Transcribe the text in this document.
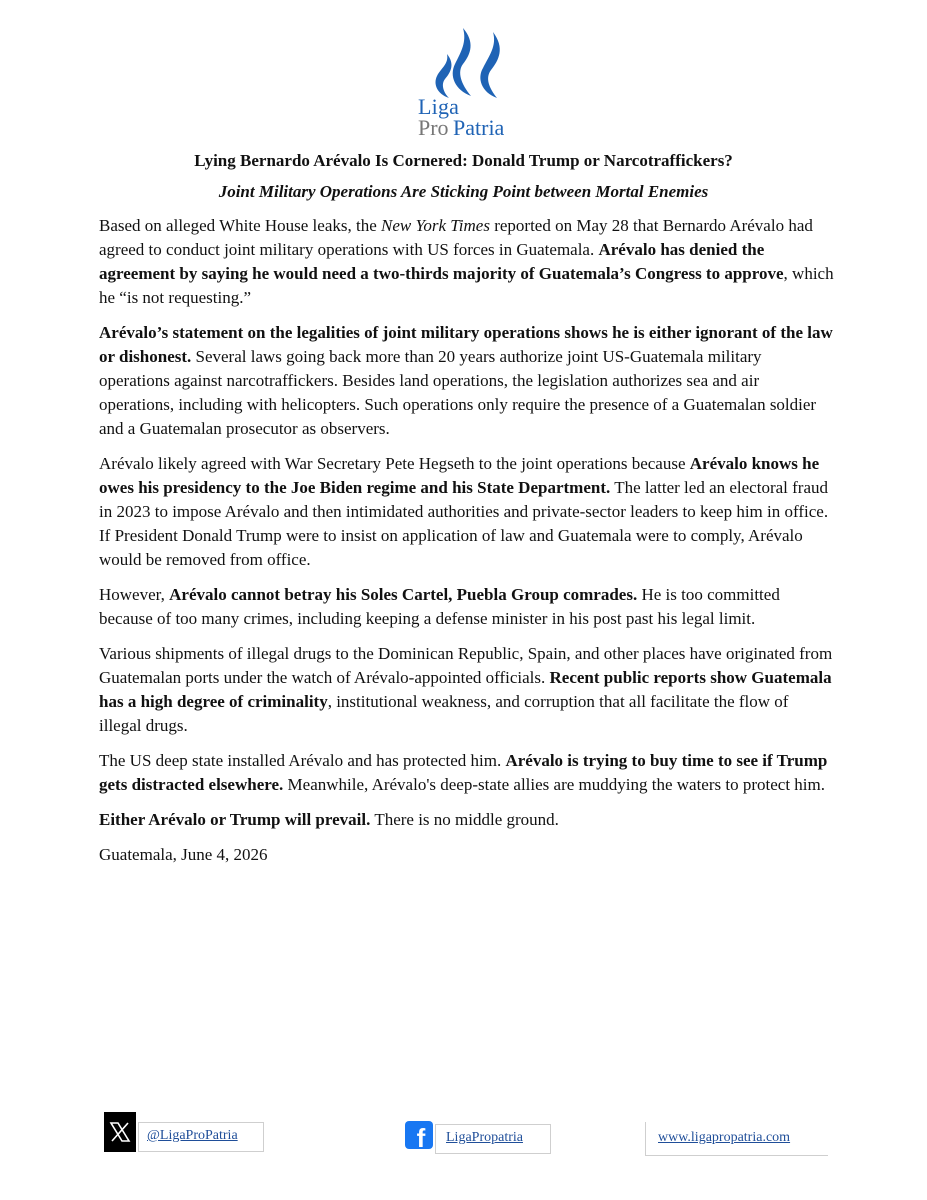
Liga
Pro Patria
Lying Bernardo Arévalo Is Cornered: Donald Trump or Narcotraffickers?
Joint Military Operations Are Sticking Point between Mortal Enemies

Based on alleged White House leaks, the New York Times reported on May 28 that Bernardo Arévalo had agreed to conduct joint military operations with US forces in Guatemala. Arévalo has denied the agreement by saying he would need a two-thirds majority of Guatemala’s Congress to approve, which he “is not requesting.”

Arévalo’s statement on the legalities of joint military operations shows he is either ignorant of the law or dishonest. Several laws going back more than 20 years authorize joint US-Guatemala military operations against narcotraffickers. Besides land operations, the legislation authorizes sea and air operations, including with helicopters. Such operations only require the presence of a Guatemalan soldier and a Guatemalan prosecutor as observers.

Arévalo likely agreed with War Secretary Pete Hegseth to the joint operations because Arévalo knows he owes his presidency to the Joe Biden regime and his State Department. The latter led an electoral fraud in 2023 to impose Arévalo and then intimidated authorities and private-sector leaders to keep him in office. If President Donald Trump were to insist on application of law and Guatemala were to comply, Arévalo would be removed from office.

However, Arévalo cannot betray his Soles Cartel, Puebla Group comrades. He is too committed because of too many crimes, including keeping a defense minister in his post past his legal limit.

Various shipments of illegal drugs to the Dominican Republic, Spain, and other places have originated from Guatemalan ports under the watch of Arévalo-appointed officials. Recent public reports show Guatemala has a high degree of criminality, institutional weakness, and corruption that all facilitate the flow of illegal drugs.

The US deep state installed Arévalo and has protected him. Arévalo is trying to buy time to see if Trump gets distracted elsewhere. Meanwhile, Arévalo's deep-state allies are muddying the waters to protect him.

Either Arévalo or Trump will prevail. There is no middle ground.

Guatemala, June 4, 2026

@LigaProPatria	f	LigaPropatria	www.ligapropatria.com
